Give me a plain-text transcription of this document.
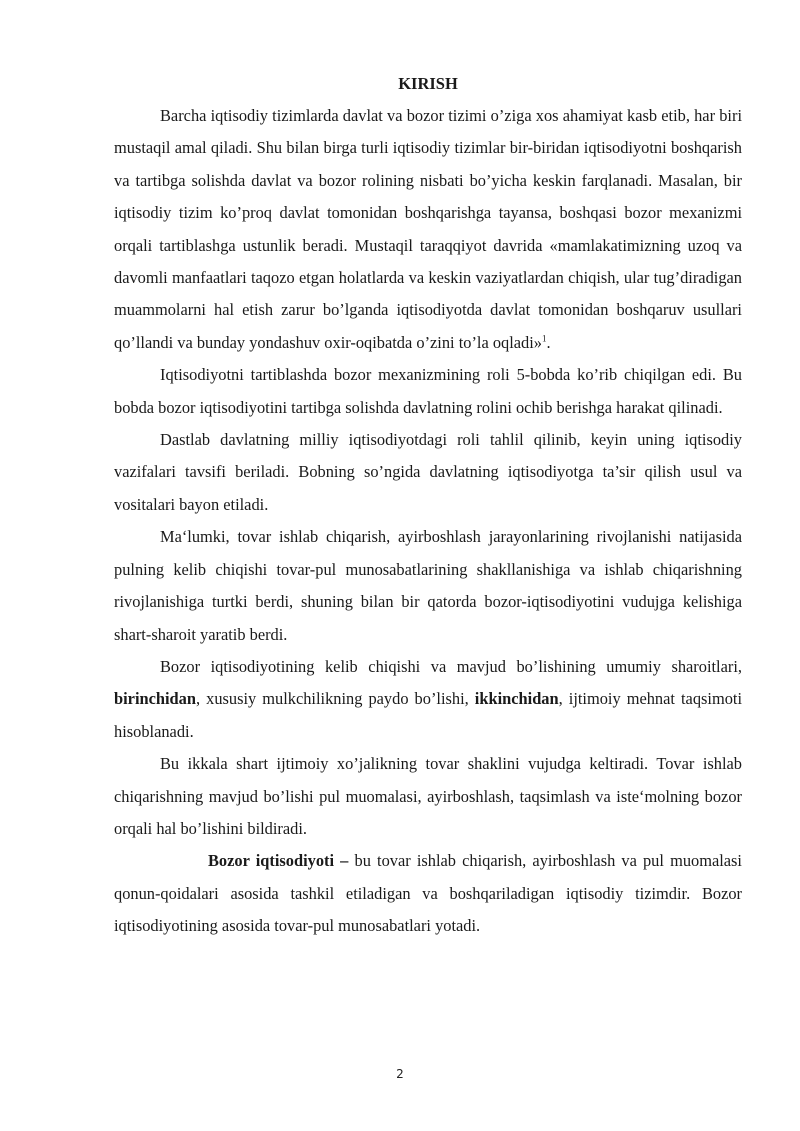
KIRISH

Barcha iqtisodiy tizimlarda davlat va bozor tizimi o’ziga xos ahamiyat kasb etib, har biri mustaqil amal qiladi. Shu bilan birga turli iqtisodiy tizimlar bir-biridan iqtisodiyotni boshqarish va tartibga solishda davlat va bozor rolining nisbati bo’yicha keskin farqlanadi. Masalan, bir iqtisodiy tizim ko’proq davlat tomonidan boshqarishga tayansa, boshqasi bozor mexanizmi orqali tartiblashga ustunlik beradi. Mustaqil taraqqiyot davrida «mamlakatimizning uzoq va davomli manfaatlari taqozo etgan holatlarda va keskin vaziyatlardan chiqish, ular tug’diradigan muammolarni hal etish zarur bo’lganda iqtisodiyotda davlat tomonidan boshqaruv usullari qo’llandi va bunday yondashuv oxir-oqibatda o’zini to’la oqladi»$^1$.

Iqtisodiyotni tartiblashda bozor mexanizmining roli 5-bobda ko’rib chiqilgan edi. Bu bobda bozor iqtisodiyotini tartibga solishda davlatning rolini ochib berishga harakat qilinadi.

Dastlab davlatning milliy iqtisodiyotdagi roli tahlil qilinib, keyin uning iqtisodiy vazifalari tavsifi beriladi. Bobning so’ngida davlatning iqtisodiyotga ta’sir qilish usul va vositalari bayon etiladi.

Ma‘lumki, tovar ishlab chiqarish, ayirboshlash jarayonlarining rivojlanishi natijasida pulning kelib chiqishi tovar-pul munosabatlarining shakllanishiga va ishlab chiqarishning rivojlanishiga turtki berdi, shuning bilan bir qatorda bozor-iqtisodiyotini vudujga kelishiga shart-sharoit yaratib berdi.

Bozor iqtisodiyotining kelib chiqishi va mavjud bo’lishining umumiy sharoitlari, birinchidan, xususiy mulkchilikning paydo bo’lishi, ikkinchidan, ijtimoiy mehnat taqsimoti hisoblanadi.

Bu ikkala shart ijtimoiy xo’jalikning tovar shaklini vujudga keltiradi. Tovar ishlab chiqarishning mavjud bo’lishi pul muomalasi, ayirboshlash, taqsimlash va iste‘molning bozor orqali hal bo’lishini bildiradi.

Bozor iqtisodiyoti – bu tovar ishlab chiqarish, ayirboshlash va pul muomalasi qonun-qoidalari asosida tashkil etiladigan va boshqariladigan iqtisodiy tizimdir. Bozor iqtisodiyotining asosida tovar-pul munosabatlari yotadi.

2
